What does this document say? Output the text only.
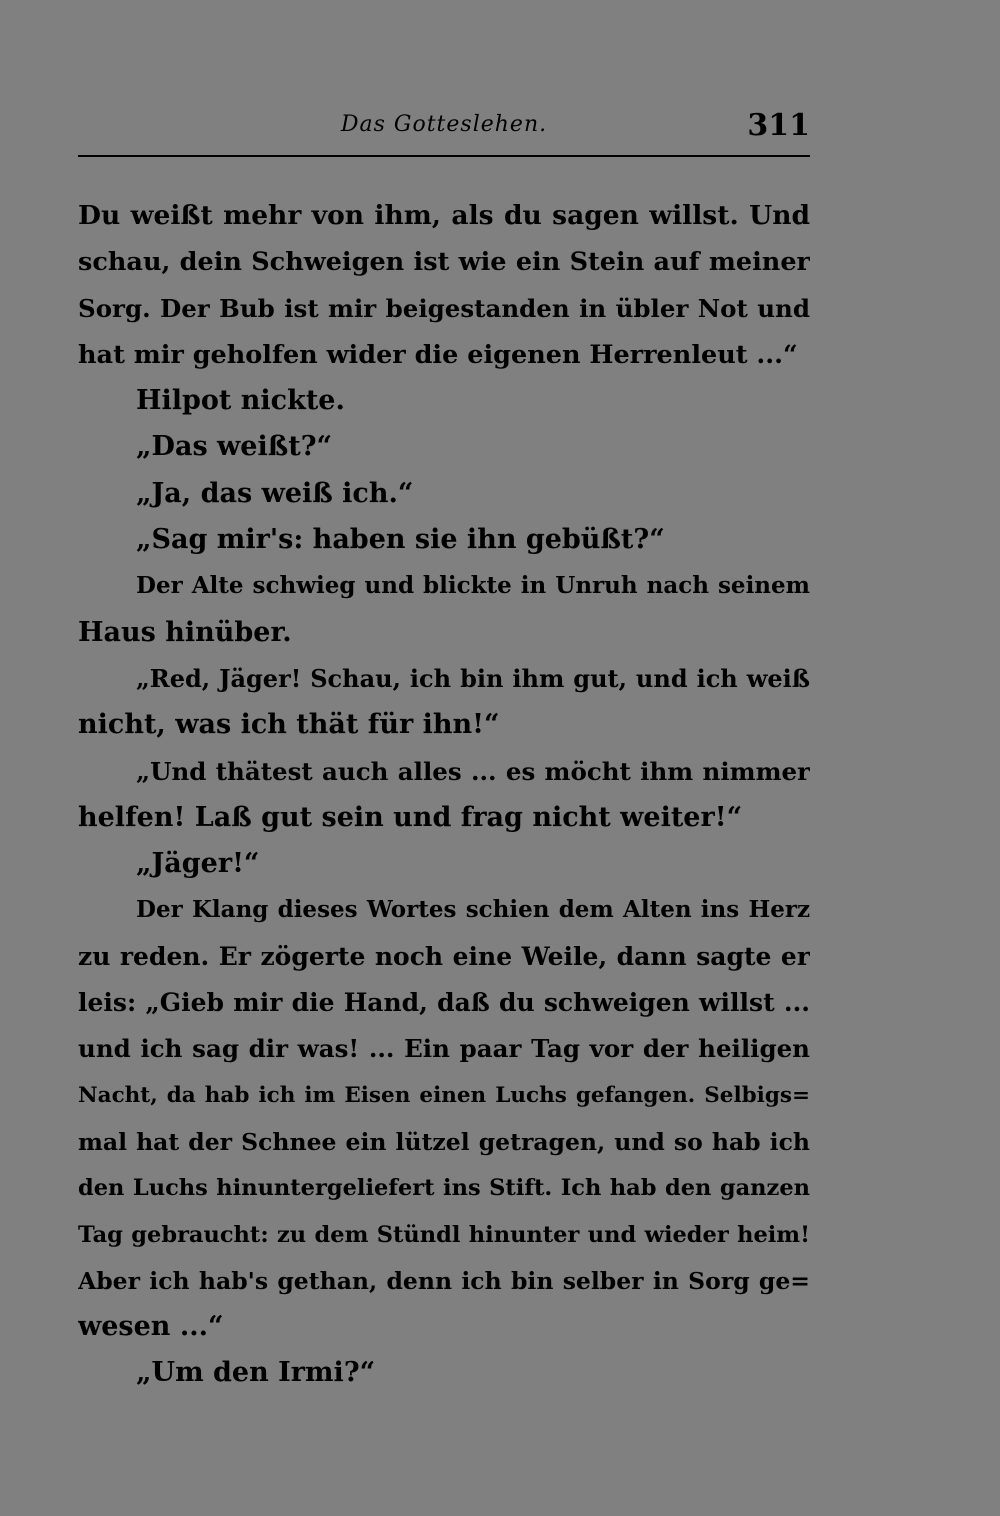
Das Gotteslehen.	311
Du weißt mehr von ihm, als du sagen willst. Und
schau, dein Schweigen ist wie ein Stein auf meiner
Sorg. Der Bub ist mir beigestanden in übler Not und
hat mir geholfen wider die eigenen Herrenleut ...“
Hilpot nickte.
„Das weißt?“
„Ja, das weiß ich.“
„Sag mir's: haben sie ihn gebüßt?“
Der Alte schwieg und blickte in Unruh nach seinem
Haus hinüber.
„Red, Jäger! Schau, ich bin ihm gut, und ich weiß
nicht, was ich thät für ihn!“
„Und thätest auch alles ... es möcht ihm nimmer
helfen! Laß gut sein und frag nicht weiter!“
„Jäger!“
Der Klang dieses Wortes schien dem Alten ins Herz
zu reden. Er zögerte noch eine Weile, dann sagte er
leis: „Gieb mir die Hand, daß du schweigen willst ...
und ich sag dir was! ... Ein paar Tag vor der heiligen
Nacht, da hab ich im Eisen einen Luchs gefangen. Selbigs=
mal hat der Schnee ein lützel getragen, und so hab ich
den Luchs hinuntergeliefert ins Stift. Ich hab den ganzen
Tag gebraucht: zu dem Stündl hinunter und wieder heim!
Aber ich hab's gethan, denn ich bin selber in Sorg ge=
wesen ...“
„Um den Irmi?“
